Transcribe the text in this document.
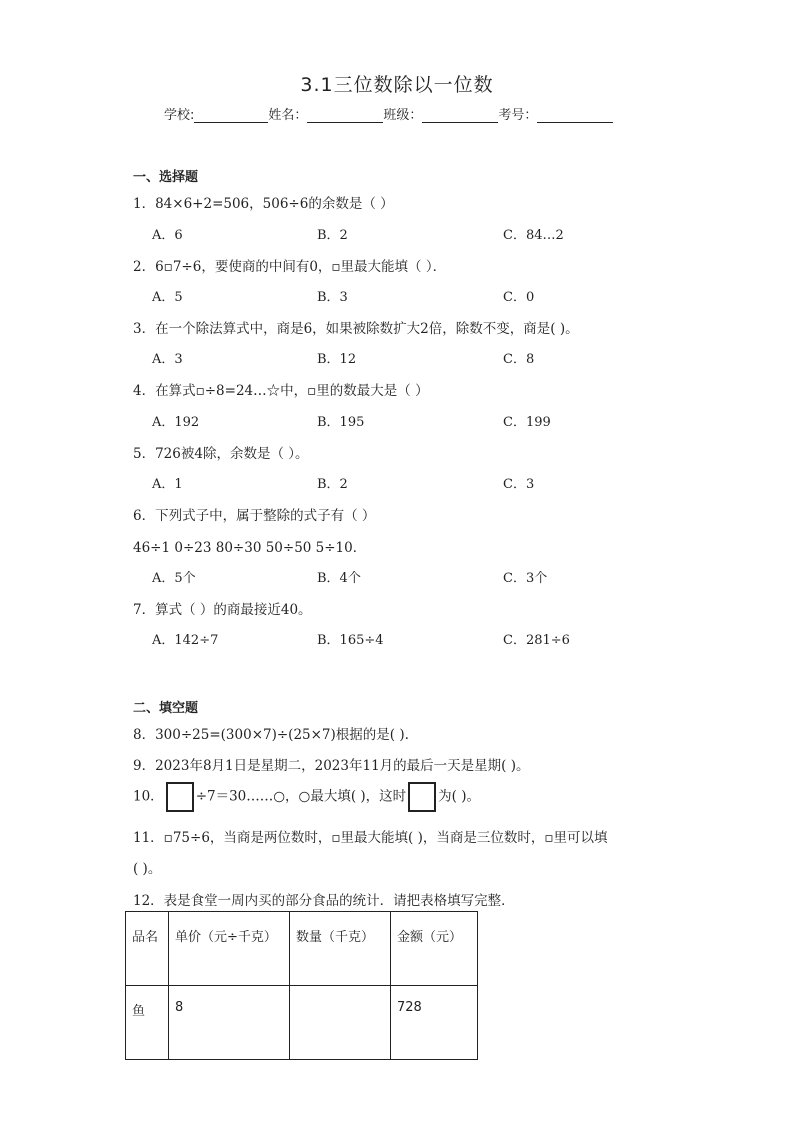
3.1三位数除以一位数
学校:	姓名：	班级：	考号：
一、选择题
1．84×6+2=506，506÷6的余数是（ ）
A．6	B．2	C．84…2
2．6▫7÷6，要使商的中间有0，▫里最大能填（ ）．
A．5	B．3	C．0
3．在一个除法算式中，商是6，如果被除数扩大2倍，除数不变，商是( )。
A．3	B．12	C．8
4．在算式▫÷8=24…☆中，▫里的数最大是（ ）
A．192	B．195	C．199
5．726被4除，余数是（ ）。
A．1	B．2	C．3
6．下列式子中，属于整除的式子有（ ）
46÷1 0÷23 80÷30 50÷50 5÷10．
A．5个	B．4个	C．3个
7．算式（ ）的商最接近40。
A．142÷7	B．165÷4	C．281÷6
二、填空题
8．300÷25=(300×7)÷(25×7)根据的是( ).
9．2023年8月1日是星期二，2023年11月的最后一天是星期( )。
10． ÷7＝30……○，○最大填( )，这时 为( )。
11．▫75÷6，当商是两位数时，▫里最大能填( )，当商是三位数时，▫里可以填
( )。
12．表是食堂一周内买的部分食品的统计．请把表格填写完整．
品名	单价（元÷千克）	数量（千克）	金额（元）
鱼	8		728
